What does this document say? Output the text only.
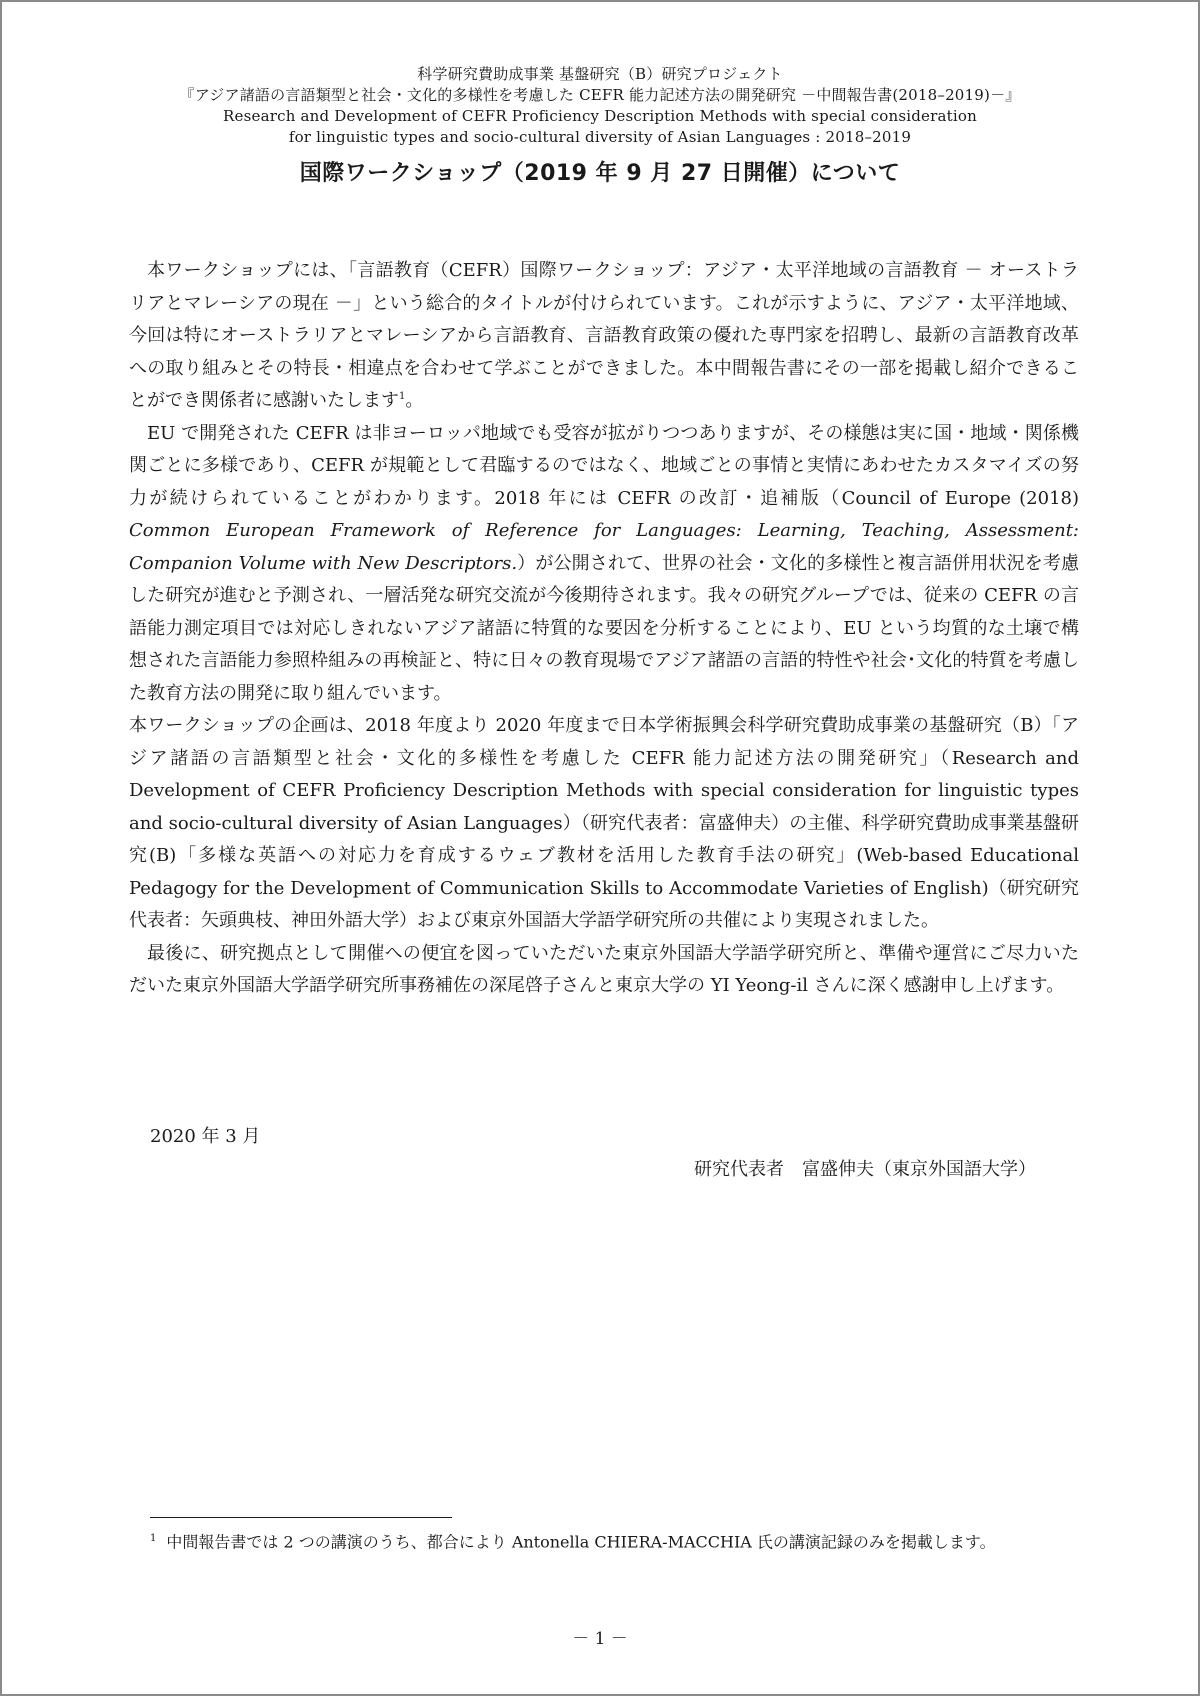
科学研究費助成事業 基盤研究（B）研究プロジェクト
『アジア諸語の言語類型と社会・文化的多様性を考慮した CEFR 能力記述方法の開発研究 －中間報告書(2018–2019)－』
Research and Development of CEFR Proficiency Description Methods with special consideration
for linguistic types and socio-cultural diversity of Asian Languages : 2018–2019
国際ワークショップ（2019 年 9 月 27 日開催）について

本ワークショップには、「言語教育（CEFR）国際ワークショップ：アジア・太平洋地域の言語教育 － オーストラリアとマレーシアの現在 －」という総合的タイトルが付けられています。これが示すように、アジア・太平洋地域、今回は特にオーストラリアとマレーシアから言語教育、言語教育政策の優れた専門家を招聘し、最新の言語教育改革への取り組みとその特長・相違点を合わせて学ぶことができました。本中間報告書にその一部を掲載し紹介できることができ関係者に感謝いたします$^1$。

EU で開発された CEFR は非ヨーロッパ地域でも受容が拡がりつつありますが、その様態は実に国・地域・関係機関ごとに多様であり、CEFR が規範として君臨するのではなく、地域ごとの事情と実情にあわせたカスタマイズの努力が続けられていることがわかります。2018 年には CEFR の改訂・追補版（Council of Europe (2018) Common European Framework of Reference for Languages: Learning, Teaching, Assessment: Companion Volume with New Descriptors.）が公開されて、世界の社会・文化的多様性と複言語併用状況を考慮した研究が進むと予測され、一層活発な研究交流が今後期待されます。我々の研究グループでは、従来の CEFR の言語能力測定項目では対応しきれないアジア諸語に特質的な要因を分析することにより、EU という均質的な土壌で構想された言語能力参照枠組みの再検証と、特に日々の教育現場でアジア諸語の言語的特性や社会･文化的特質を考慮した教育方法の開発に取り組んでいます。

本ワークショップの企画は、2018 年度より 2020 年度まで日本学術振興会科学研究費助成事業の基盤研究（B）「アジア諸語の言語類型と社会・文化的多様性を考慮した CEFR 能力記述方法の開発研究」（Research and Development of CEFR Proficiency Description Methods with special consideration for linguistic types and socio-cultural diversity of Asian Languages）（研究代表者：富盛伸夫）の主催、科学研究費助成事業基盤研究(B)「多様な英語への対応力を育成するウェブ教材を活用した教育手法の研究」(Web-based Educational Pedagogy for the Development of Communication Skills to Accommodate Varieties of English)（研究研究代表者：矢頭典枝、神田外語大学）および東京外国語大学語学研究所の共催により実現されました。

最後に、研究拠点として開催への便宜を図っていただいた東京外国語大学語学研究所と、準備や運営にご尽力いただいた東京外国語大学語学研究所事務補佐の深尾啓子さんと東京大学の YI Yeong-il さんに深く感謝申し上げます。

2020 年 3 月
研究代表者　富盛伸夫（東京外国語大学）
$^1$ 中間報告書では 2 つの講演のうち、都合により Antonella CHIERA-MACCHIA 氏の講演記録のみを掲載します。
－ 1 －
